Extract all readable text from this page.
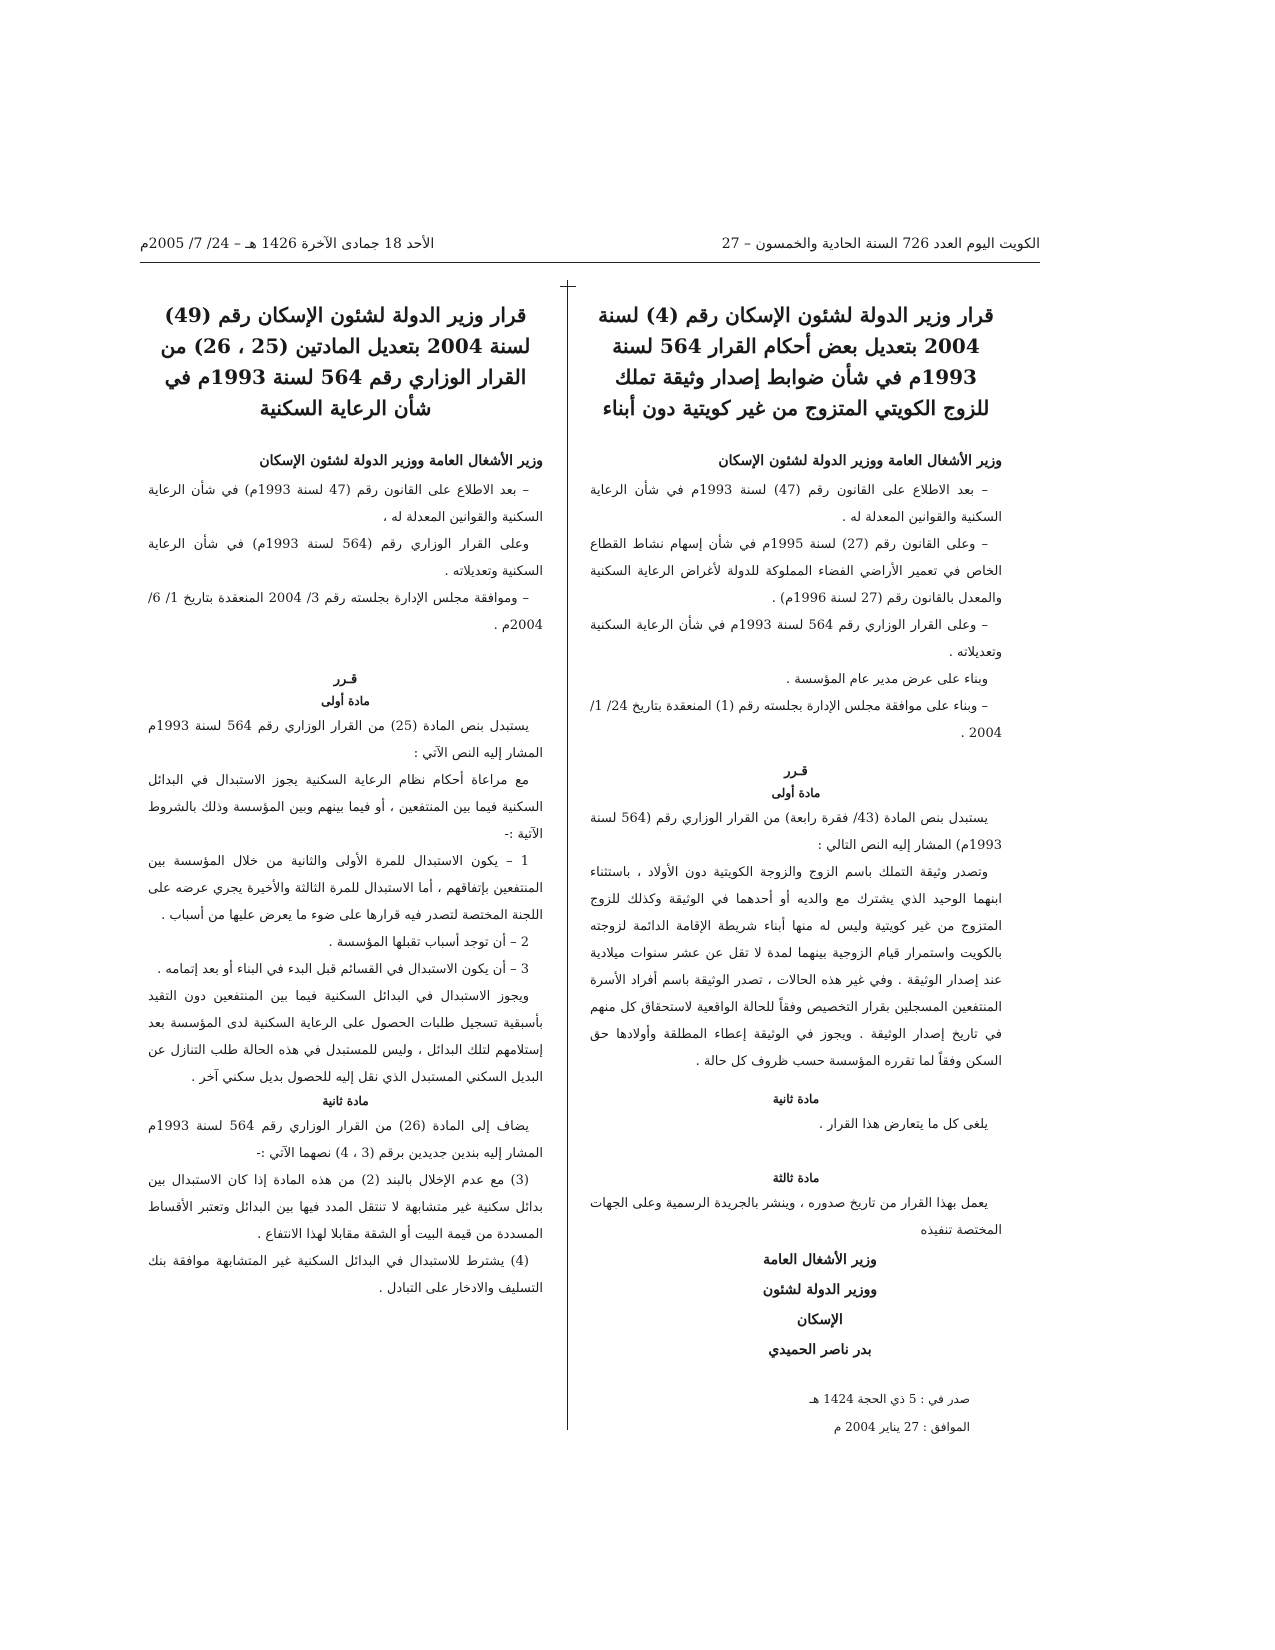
الكويت اليوم العدد 726 السنة الحادية والخمسون – 27
الأحد 18 جمادى الآخرة 1426 هـ – 24/ 7/ 2005م

قرار وزير الدولة لشئون الإسكان رقم (4) لسنة 2004 بتعديل بعض أحكام القرار 564 لسنة 1993م في شأن ضوابط إصدار وثيقة تملك للزوج الكويتي المتزوج من غير كويتية دون أبناء

وزير الأشغال العامة ووزير الدولة لشئون الإسكان

– بعد الاطلاع على القانون رقم (47) لسنة 1993م في شأن الرعاية السكنية والقوانين المعدلة له .

– وعلى القانون رقم (27) لسنة 1995م في شأن إسهام نشاط القطاع الخاص في تعمير الأراضي الفضاء المملوكة للدولة لأغراض الرعاية السكنية والمعدل بالقانون رقم (27 لسنة 1996م) .

– وعلى القرار الوزاري رقم 564 لسنة 1993م في شأن الرعاية السكنية وتعديلاته .

وبناء على عرض مدير عام المؤسسة .

– وبناء على موافقة مجلس الإدارة بجلسته رقم (1) المنعقدة بتاريخ 24/ 1/ 2004 .

قـرر

مادة أولى

يستبدل بنص المادة (43/ فقرة رابعة) من القرار الوزاري رقم (564 لسنة 1993م) المشار إليه النص التالي :

وتصدر وثيقة التملك باسم الزوج والزوجة الكويتية دون الأولاد ، باستثناء ابنهما الوحيد الذي يشترك مع والديه أو أحدهما في الوثيقة وكذلك للزوج المتزوج من غير كويتية وليس له منها أبناء شريطة الإقامة الدائمة لزوجته بالكويت واستمرار قيام الزوجية بينهما لمدة لا تقل عن عشر سنوات ميلادية عند إصدار الوثيقة . وفي غير هذه الحالات ، تصدر الوثيقة باسم أفراد الأسرة المنتفعين المسجلين بقرار التخصيص وفقاً للحالة الواقعية لاستحقاق كل منهم في تاريخ إصدار الوثيقة . ويجوز في الوثيقة إعطاء المطلقة وأولادها حق السكن وفقاً لما تقرره المؤسسة حسب ظروف كل حالة .

مادة ثانية

يلغى كل ما يتعارض هذا القرار .

مادة ثالثة

يعمل بهذا القرار من تاريخ صدوره ، وينشر بالجريدة الرسمية وعلى الجهات المختصة تنفيذه

وزير الأشغال العامة
ووزير الدولة لشئون الإسكان
بدر ناصر الحميدي
صدر في : 5 ذي الحجة 1424 هـ
الموافق : 27 يناير 2004 م

قرار وزير الدولة لشئون الإسكان رقم (49) لسنة 2004 بتعديل المادتين (25 ، 26) من القرار الوزاري رقم 564 لسنة 1993م في شأن الرعاية السكنية

وزير الأشغال العامة ووزير الدولة لشئون الإسكان

– بعد الاطلاع على القانون رقم (47 لسنة 1993م) في شأن الرعاية السكنية والقوانين المعدلة له ،

وعلى القرار الوزاري رقم (564 لسنة 1993م) في شأن الرعاية السكنية وتعديلاته .

– وموافقة مجلس الإدارة بجلسته رقم 3/ 2004 المنعقدة بتاريخ 1/ 6/ 2004م .

قـرر

مادة أولى

يستبدل بنص المادة (25) من القرار الوزاري رقم 564 لسنة 1993م المشار إليه النص الآتي :

مع مراعاة أحكام نظام الرعاية السكنية يجوز الاستبدال في البدائل السكنية فيما بين المنتفعين ، أو فيما بينهم وبين المؤسسة وذلك بالشروط الآتية :-

1 – يكون الاستبدال للمرة الأولى والثانية من خلال المؤسسة بين المنتفعين بإتفاقهم ، أما الاستبدال للمرة الثالثة والأخيرة يجري عرضه على اللجنة المختصة لتصدر فيه قرارها على ضوء ما يعرض عليها من أسباب .

2 – أن توجد أسباب تقبلها المؤسسة .

3 – أن يكون الاستبدال في القسائم قبل البدء في البناء أو بعد إتمامه .

ويجوز الاستبدال في البدائل السكنية فيما بين المنتفعين دون التقيد بأسبقية تسجيل طلبات الحصول على الرعاية السكنية لدى المؤسسة بعد إستلامهم لتلك البدائل ، وليس للمستبدل في هذه الحالة طلب التنازل عن البديل السكني المستبدل الذي نقل إليه للحصول بديل سكني آخر .

مادة ثانية

يضاف إلى المادة (26) من القرار الوزاري رقم 564 لسنة 1993م المشار إليه بندين جديدين برقم (3 ، 4) نصهما الآتي :-

(3) مع عدم الإخلال بالبند (2) من هذه المادة إذا كان الاستبدال بين بدائل سكنية غير متشابهة لا تنتقل المدد فيها بين البدائل وتعتبر الأقساط المسددة من قيمة البيت أو الشقة مقابلا لهذا الانتفاع .

(4) يشترط للاستبدال في البدائل السكنية غير المتشابهة موافقة بنك التسليف والادخار على التبادل .
